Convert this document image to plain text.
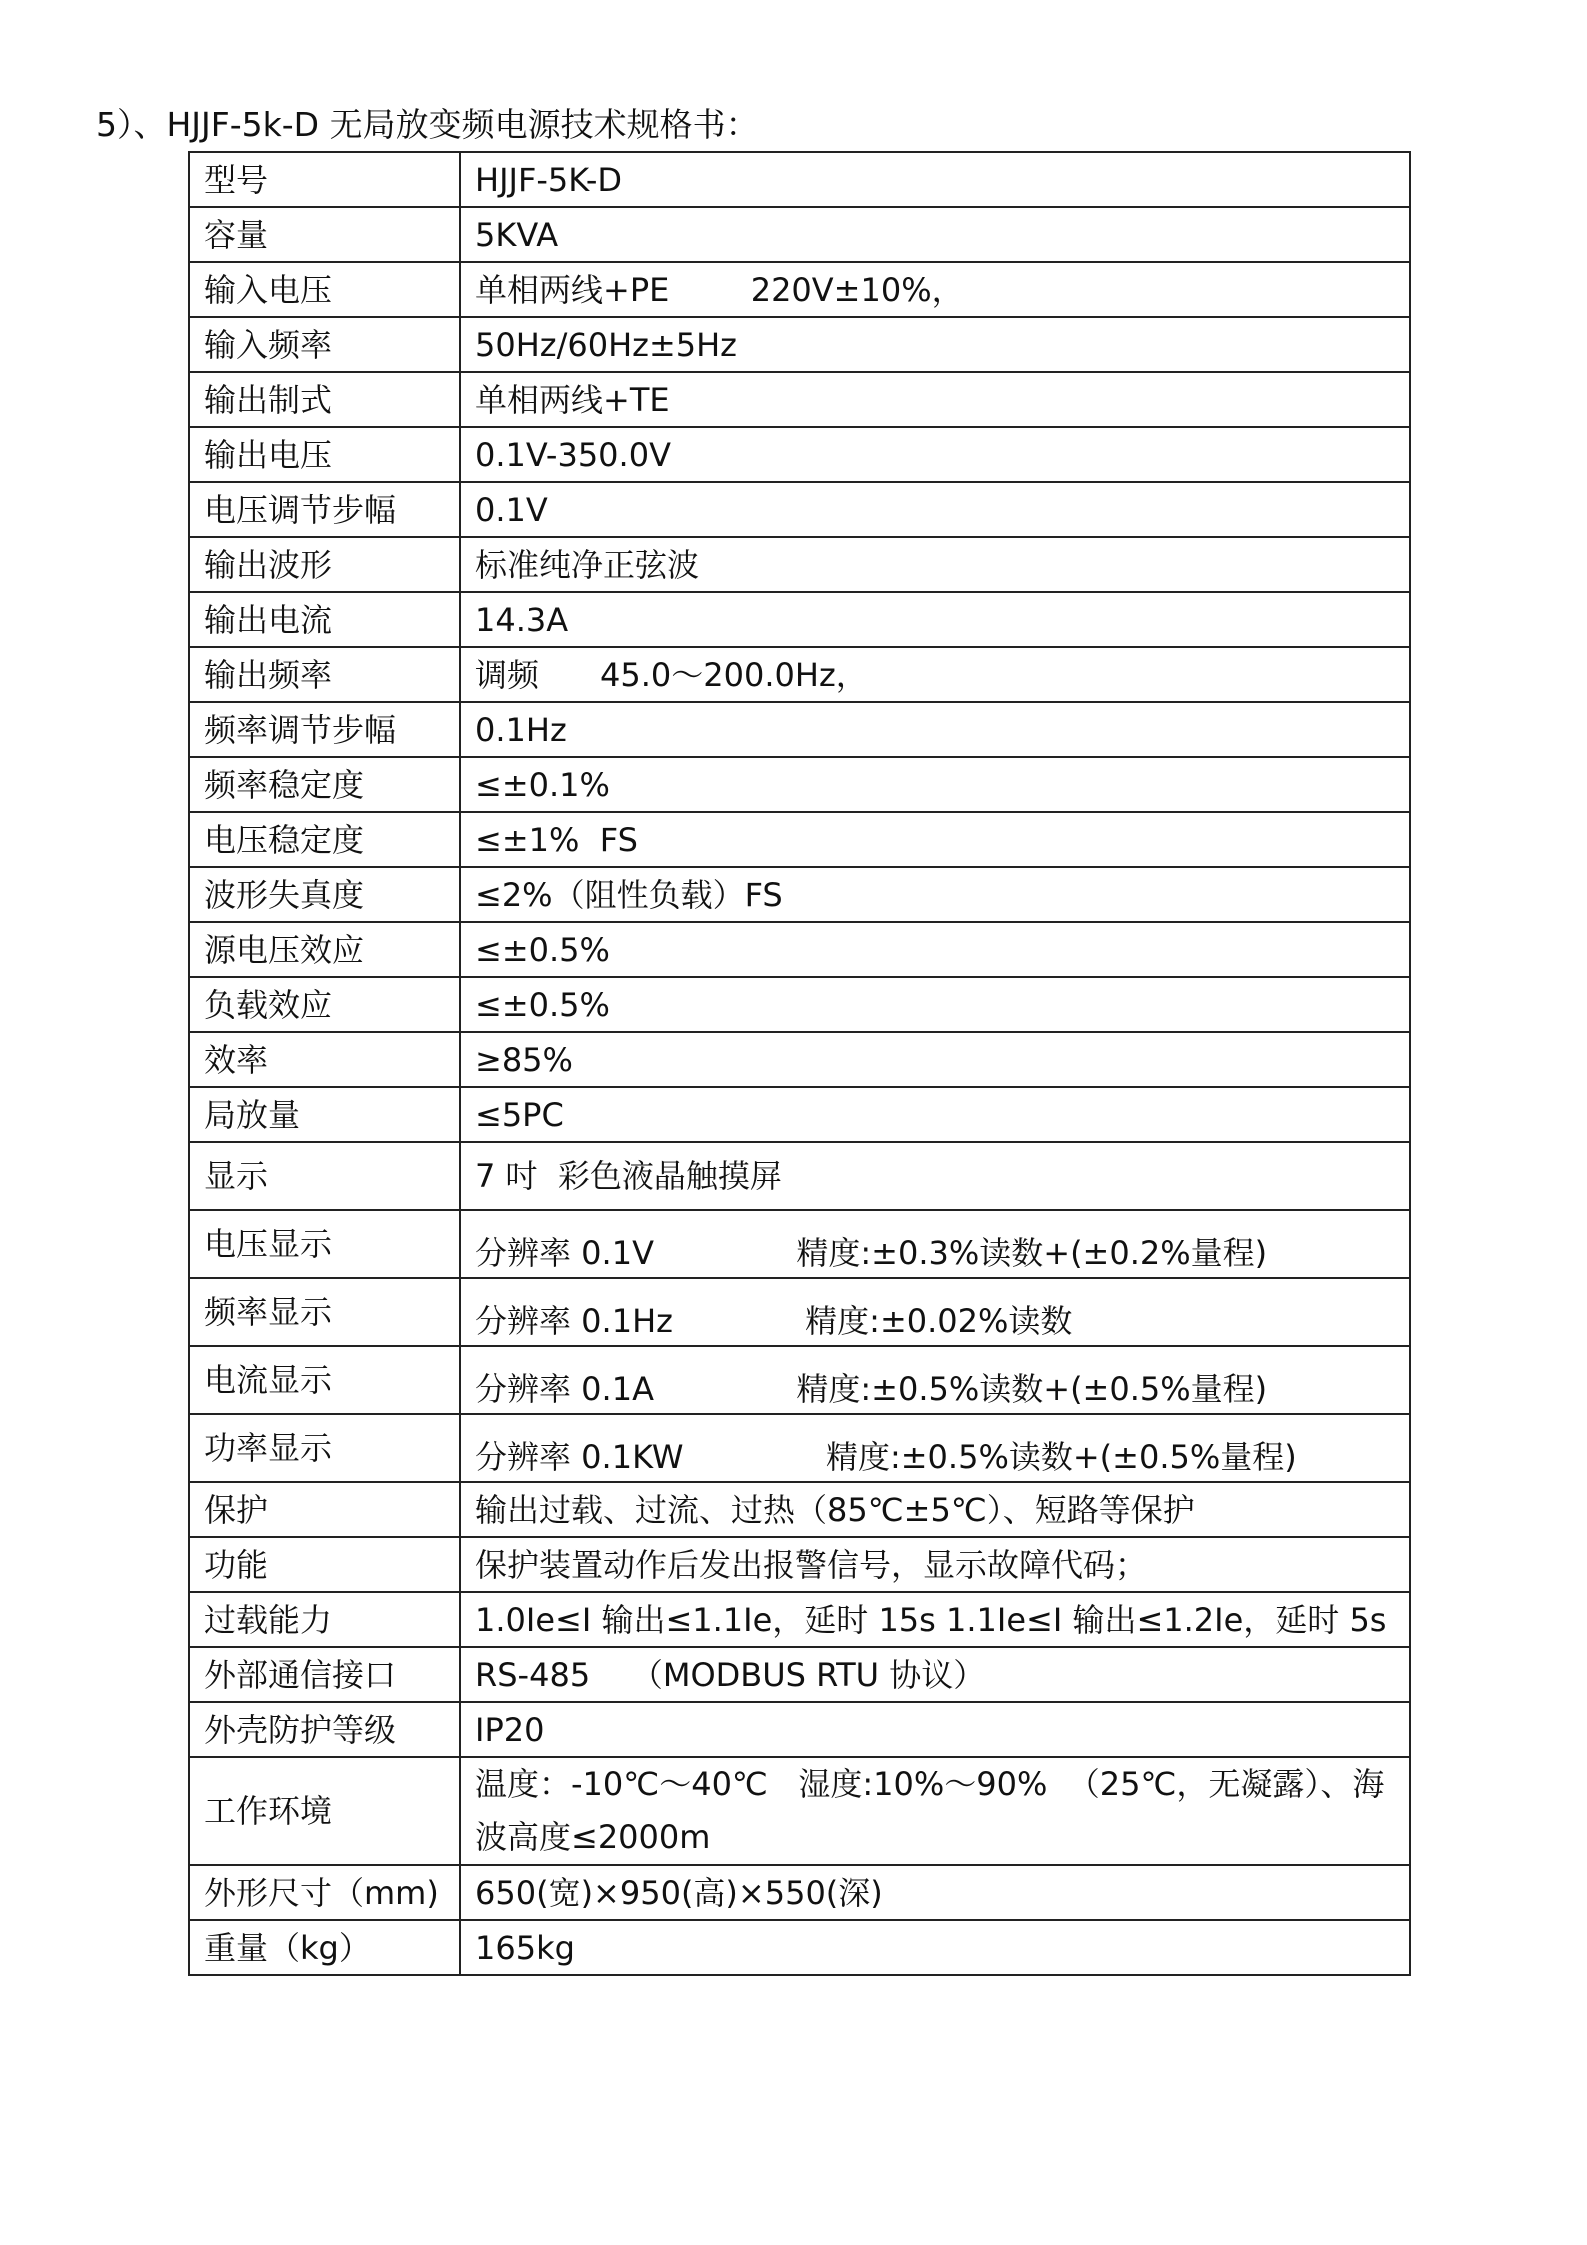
5）、HJJF-5k-D 无局放变频电源技术规格书：
型号	HJJF-5K-D
容量	5KVA
输入电压	单相两线+PE        220V±10%，
输入频率	50Hz/60Hz±5Hz
输出制式	单相两线+TE
输出电压	0.1V-350.0V
电压调节步幅	0.1V
输出波形	标准纯净正弦波
输出电流	14.3A
输出频率	调频      45.0～200.0Hz，
频率调节步幅	0.1Hz
频率稳定度	≤±0.1%
电压稳定度	≤±1%  FS
波形失真度	≤2%（阻性负载）FS
源电压效应	≤±0.5%
负载效应	≤±0.5%
效率	≥85%
局放量	≤5PC
显示	7 吋  彩色液晶触摸屏
电压显示	分辨率 0.1V              精度:±0.3%读数+(±0.2%量程)
频率显示	分辨率 0.1Hz             精度:±0.02%读数
电流显示	分辨率 0.1A              精度:±0.5%读数+(±0.5%量程)
功率显示	分辨率 0.1KW              精度:±0.5%读数+(±0.5%量程)
保护	输出过载、过流、过热（85℃±5℃）、短路等保护
功能	保护装置动作后发出报警信号，显示故障代码；
过载能力	1.0Ie≤I 输出≤1.1Ie，延时 15s 1.1Ie≤I 输出≤1.2Ie，延时 5s
外部通信接口	RS-485    （MODBUS RTU 协议）
外壳防护等级	IP20
工作环境	温度：-10℃～40℃   湿度:10%～90%  （25℃，无凝露）、海波高度≤2000m
外形尺寸（mm)	650(宽)×950(高)×550(深)
重量（kg）	165kg
